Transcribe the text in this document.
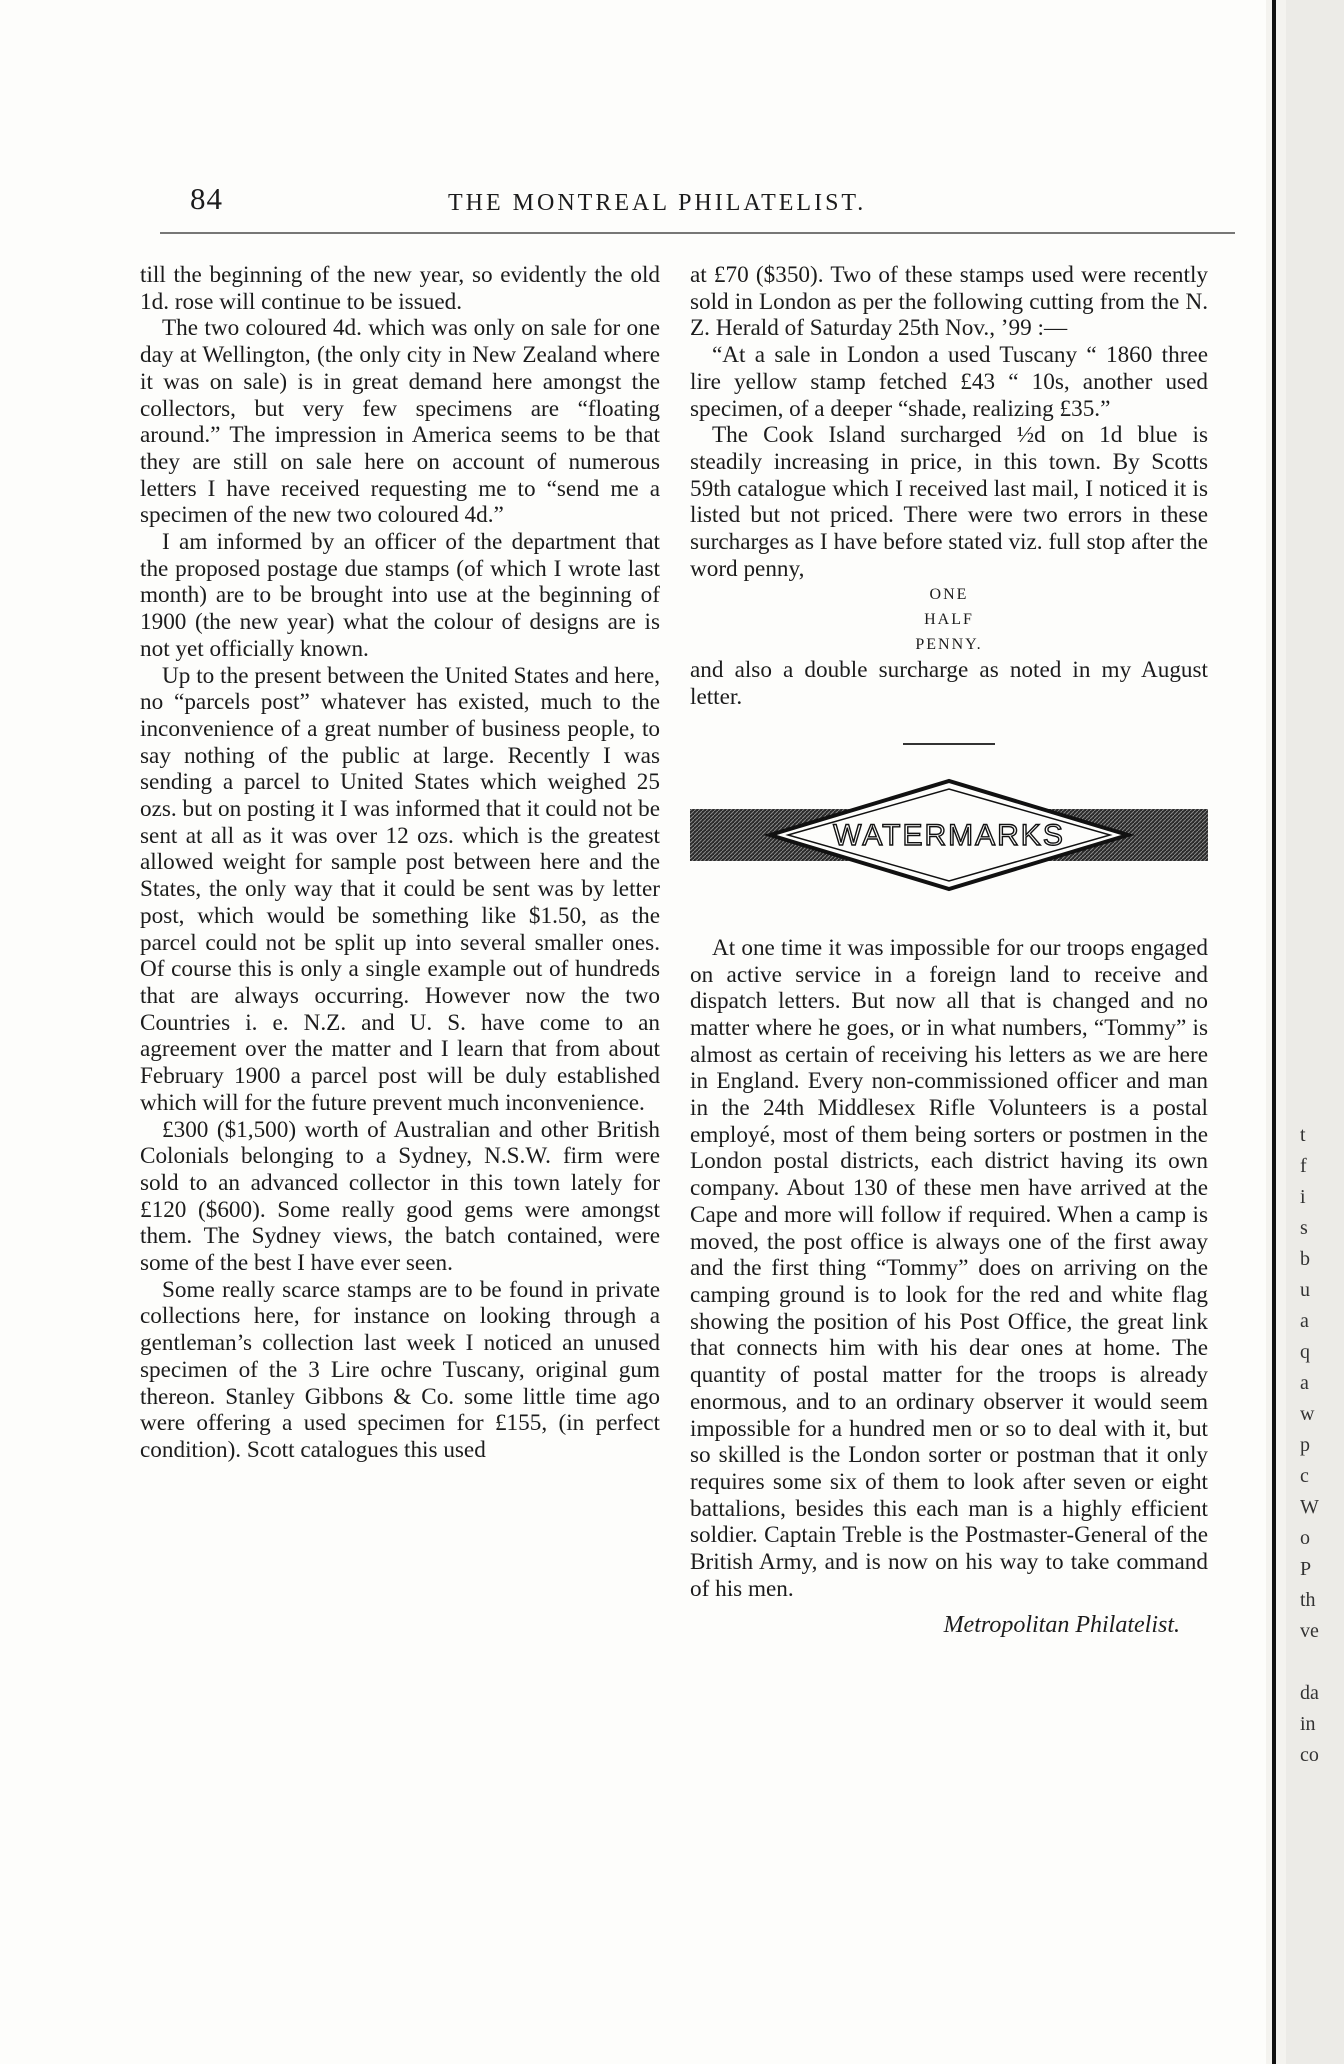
t
f
i
s
b
u
a
q
a
w
p
c
W
o
P
th
ve
da
in
co
84	THE MONTREAL PHILATELIST.

till the beginning of the new year, so evidently the old 1d. rose will continue to be issued.

The two coloured 4d. which was only on sale for one day at Wellington, (the only city in New Zealand where it was on sale) is in great demand here amongst the collectors, but very few specimens are “floating around.” The impression in America seems to be that they are still on sale here on account of numerous letters I have received requesting me to “send me a specimen of the new two coloured 4d.”

I am informed by an officer of the department that the proposed postage due stamps (of which I wrote last month) are to be brought into use at the beginning of 1900 (the new year) what the colour of designs are is not yet officially known.

Up to the present between the United States and here, no “parcels post” whatever has existed, much to the inconvenience of a great number of business people, to say nothing of the public at large. Recently I was sending a parcel to United States which weighed 25 ozs. but on posting it I was informed that it could not be sent at all as it was over 12 ozs. which is the greatest allowed weight for sample post between here and the States, the only way that it could be sent was by letter post, which would be something like $1.50, as the parcel could not be split up into several smaller ones. Of course this is only a single example out of hundreds that are always occurring. However now the two Countries i. e. N.Z. and U. S. have come to an agreement over the matter and I learn that from about February 1900 a parcel post will be duly established which will for the future prevent much inconvenience.

£300 ($1,500) worth of Australian and other British Colonials belonging to a Sydney, N.S.W. firm were sold to an advanced collector in this town lately for £120 ($600). Some really good gems were amongst them. The Sydney views, the batch contained, were some of the best I have ever seen.

Some really scarce stamps are to be found in private collections here, for instance on looking through a gentleman’s collection last week I noticed an unused specimen of the 3 Lire ochre Tuscany, original gum thereon. Stanley Gibbons & Co. some little time ago were offering a used specimen for £155, (in perfect condition). Scott catalogues this used

at £70 ($350). Two of these stamps used were recently sold in London as per the following cutting from the N. Z. Herald of Saturday 25th Nov., ’99 :—

“At a sale in London a used Tuscany “ 1860 three lire yellow stamp fetched £43 “ 10s, another used specimen, of a deeper “shade, realizing £35.”

The Cook Island surcharged ½d on 1d blue is steadily increasing in price, in this town. By Scotts 59th catalogue which I received last mail, I noticed it is listed but not priced. There were two errors in these surcharges as I have before stated viz. full stop after the word penny,

ONE
HALF
PENNY.

and also a double surcharge as noted in my August letter.

WATERMARKS

At one time it was impossible for our troops engaged on active service in a foreign land to receive and dispatch letters. But now all that is changed and no matter where he goes, or in what numbers, “Tommy” is almost as certain of receiving his letters as we are here in England. Every non-commissioned officer and man in the 24th Middlesex Rifle Volunteers is a postal employé, most of them being sorters or postmen in the London postal districts, each district having its own company. About 130 of these men have arrived at the Cape and more will follow if required. When a camp is moved, the post office is always one of the first away and the first thing “Tommy” does on arriving on the camping ground is to look for the red and white flag showing the position of his Post Office, the great link that connects him with his dear ones at home. The quantity of postal matter for the troops is already enormous, and to an ordinary observer it would seem impossible for a hundred men or so to deal with it, but so skilled is the London sorter or postman that it only requires some six of them to look after seven or eight battalions, besides this each man is a highly efficient soldier. Captain Treble is the Postmaster-General of the British Army, and is now on his way to take command of his men.

Metropolitan Philatelist.
